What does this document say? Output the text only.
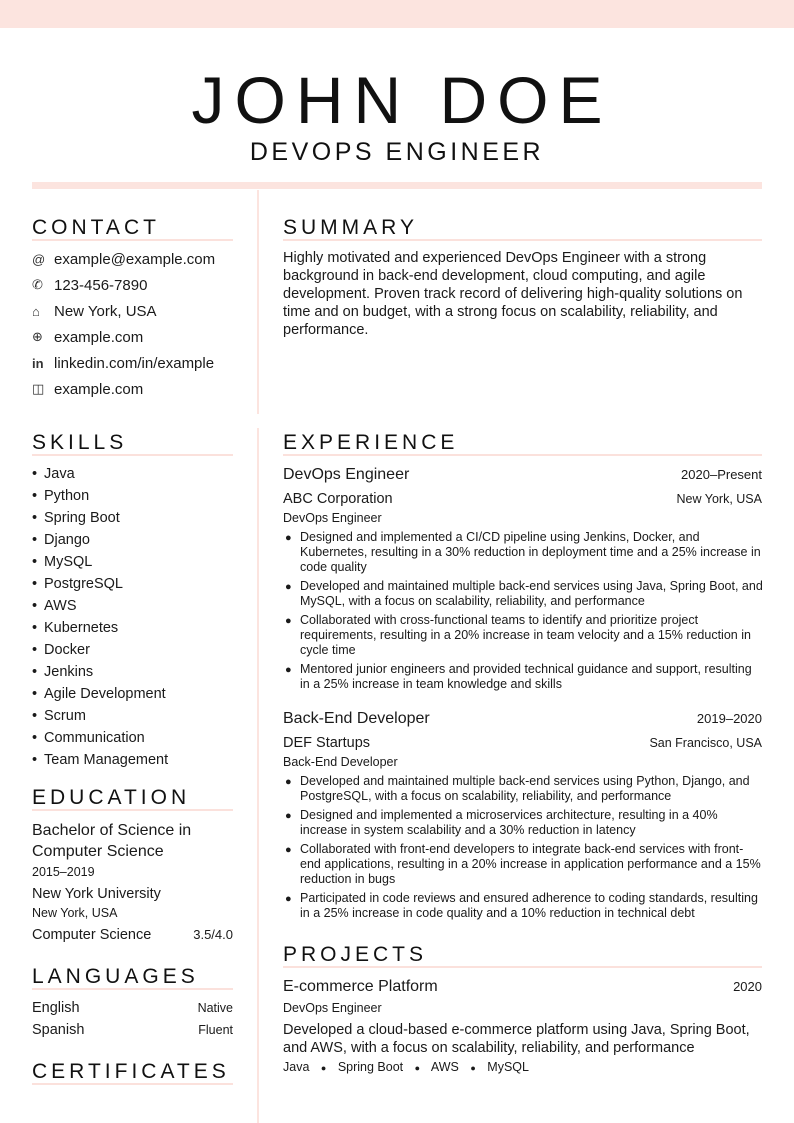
JOHN DOE
DEVOPS ENGINEER
CONTACT
@ example@example.com
✆ 123-456-7890
⌂ New York, USA
⊕ example.com
in linkedin.com/in/example
◫ example.com
SUMMARY
Highly motivated and experienced DevOps Engineer with a strong background in back-end development, cloud computing, and agile development. Proven track record of delivering high-quality solutions on time and on budget, with a strong focus on scalability, reliability, and performance.
SKILLS
• Java
• Python
• Spring Boot
• Django
• MySQL
• PostgreSQL
• AWS
• Kubernetes
• Docker
• Jenkins
• Agile Development
• Scrum
• Communication
• Team Management
EDUCATION
Bachelor of Science in
Computer Science
2015–2019
New York University
New York, USA
Computer Science	3.5/4.0
LANGUAGES
English	Native
Spanish	Fluent
CERTIFICATES
EXPERIENCE
DevOps Engineer	2020–Present
ABC Corporation	New York, USA
DevOps Engineer
● Designed and implemented a CI/CD pipeline using Jenkins, Docker, and Kubernetes, resulting in a 30% reduction in deployment time and a 25% increase in code quality
● Developed and maintained multiple back-end services using Java, Spring Boot, and MySQL, with a focus on scalability, reliability, and performance
● Collaborated with cross-functional teams to identify and prioritize project requirements, resulting in a 20% increase in team velocity and a 15% reduction in cycle time
● Mentored junior engineers and provided technical guidance and support, resulting in a 25% increase in team knowledge and skills
Back-End Developer	2019–2020
DEF Startups	San Francisco, USA
Back-End Developer
● Developed and maintained multiple back-end services using Python, Django, and PostgreSQL, with a focus on scalability, reliability, and performance
● Designed and implemented a microservices architecture, resulting in a 40% increase in system scalability and a 30% reduction in latency
● Collaborated with front-end developers to integrate back-end services with front-end applications, resulting in a 20% increase in application performance and a 15% reduction in bugs
● Participated in code reviews and ensured adherence to coding standards, resulting in a 25% increase in code quality and a 10% reduction in technical debt
PROJECTS
E-commerce Platform	2020
DevOps Engineer
Developed a cloud-based e-commerce platform using Java, Spring Boot, and AWS, with a focus on scalability, reliability, and performance
Java ● Spring Boot ● AWS ● MySQL
